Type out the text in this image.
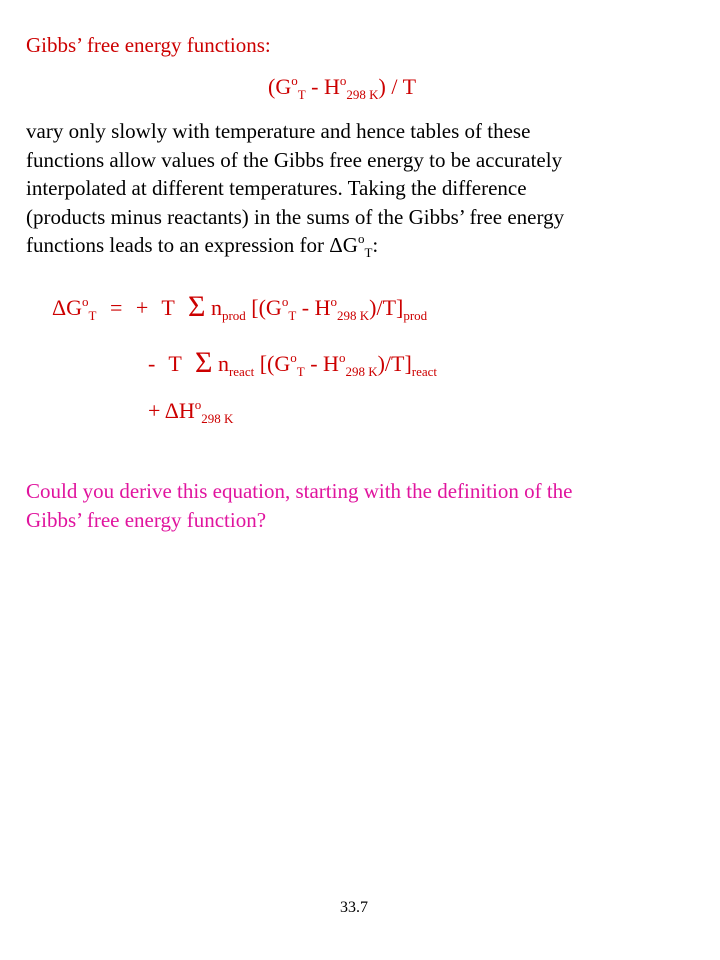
Gibbs’ free energy functions:
$(G^o_T - H^o_{298 K})$ / T
vary only slowly with temperature and hence tables of these
functions allow values of the Gibbs free energy to be accurately
interpolated at different temperatures. Taking the difference
(products minus reactants) in the sums of the Gibbs’ free energy
functions leads to an expression for $\Delta G^o_T$:
$\Delta G^o_T$ = + T Σ $n_{prod}$ $[(G^o_T - H^o_{298 K})/T]_{prod}$
- T Σ $n_{react}$ $[(G^o_T - H^o_{298 K})/T]_{react}$
+ $\Delta H^o_{298 K}$
Could you derive this equation, starting with the definition of the
Gibbs’ free energy function?
33.7
